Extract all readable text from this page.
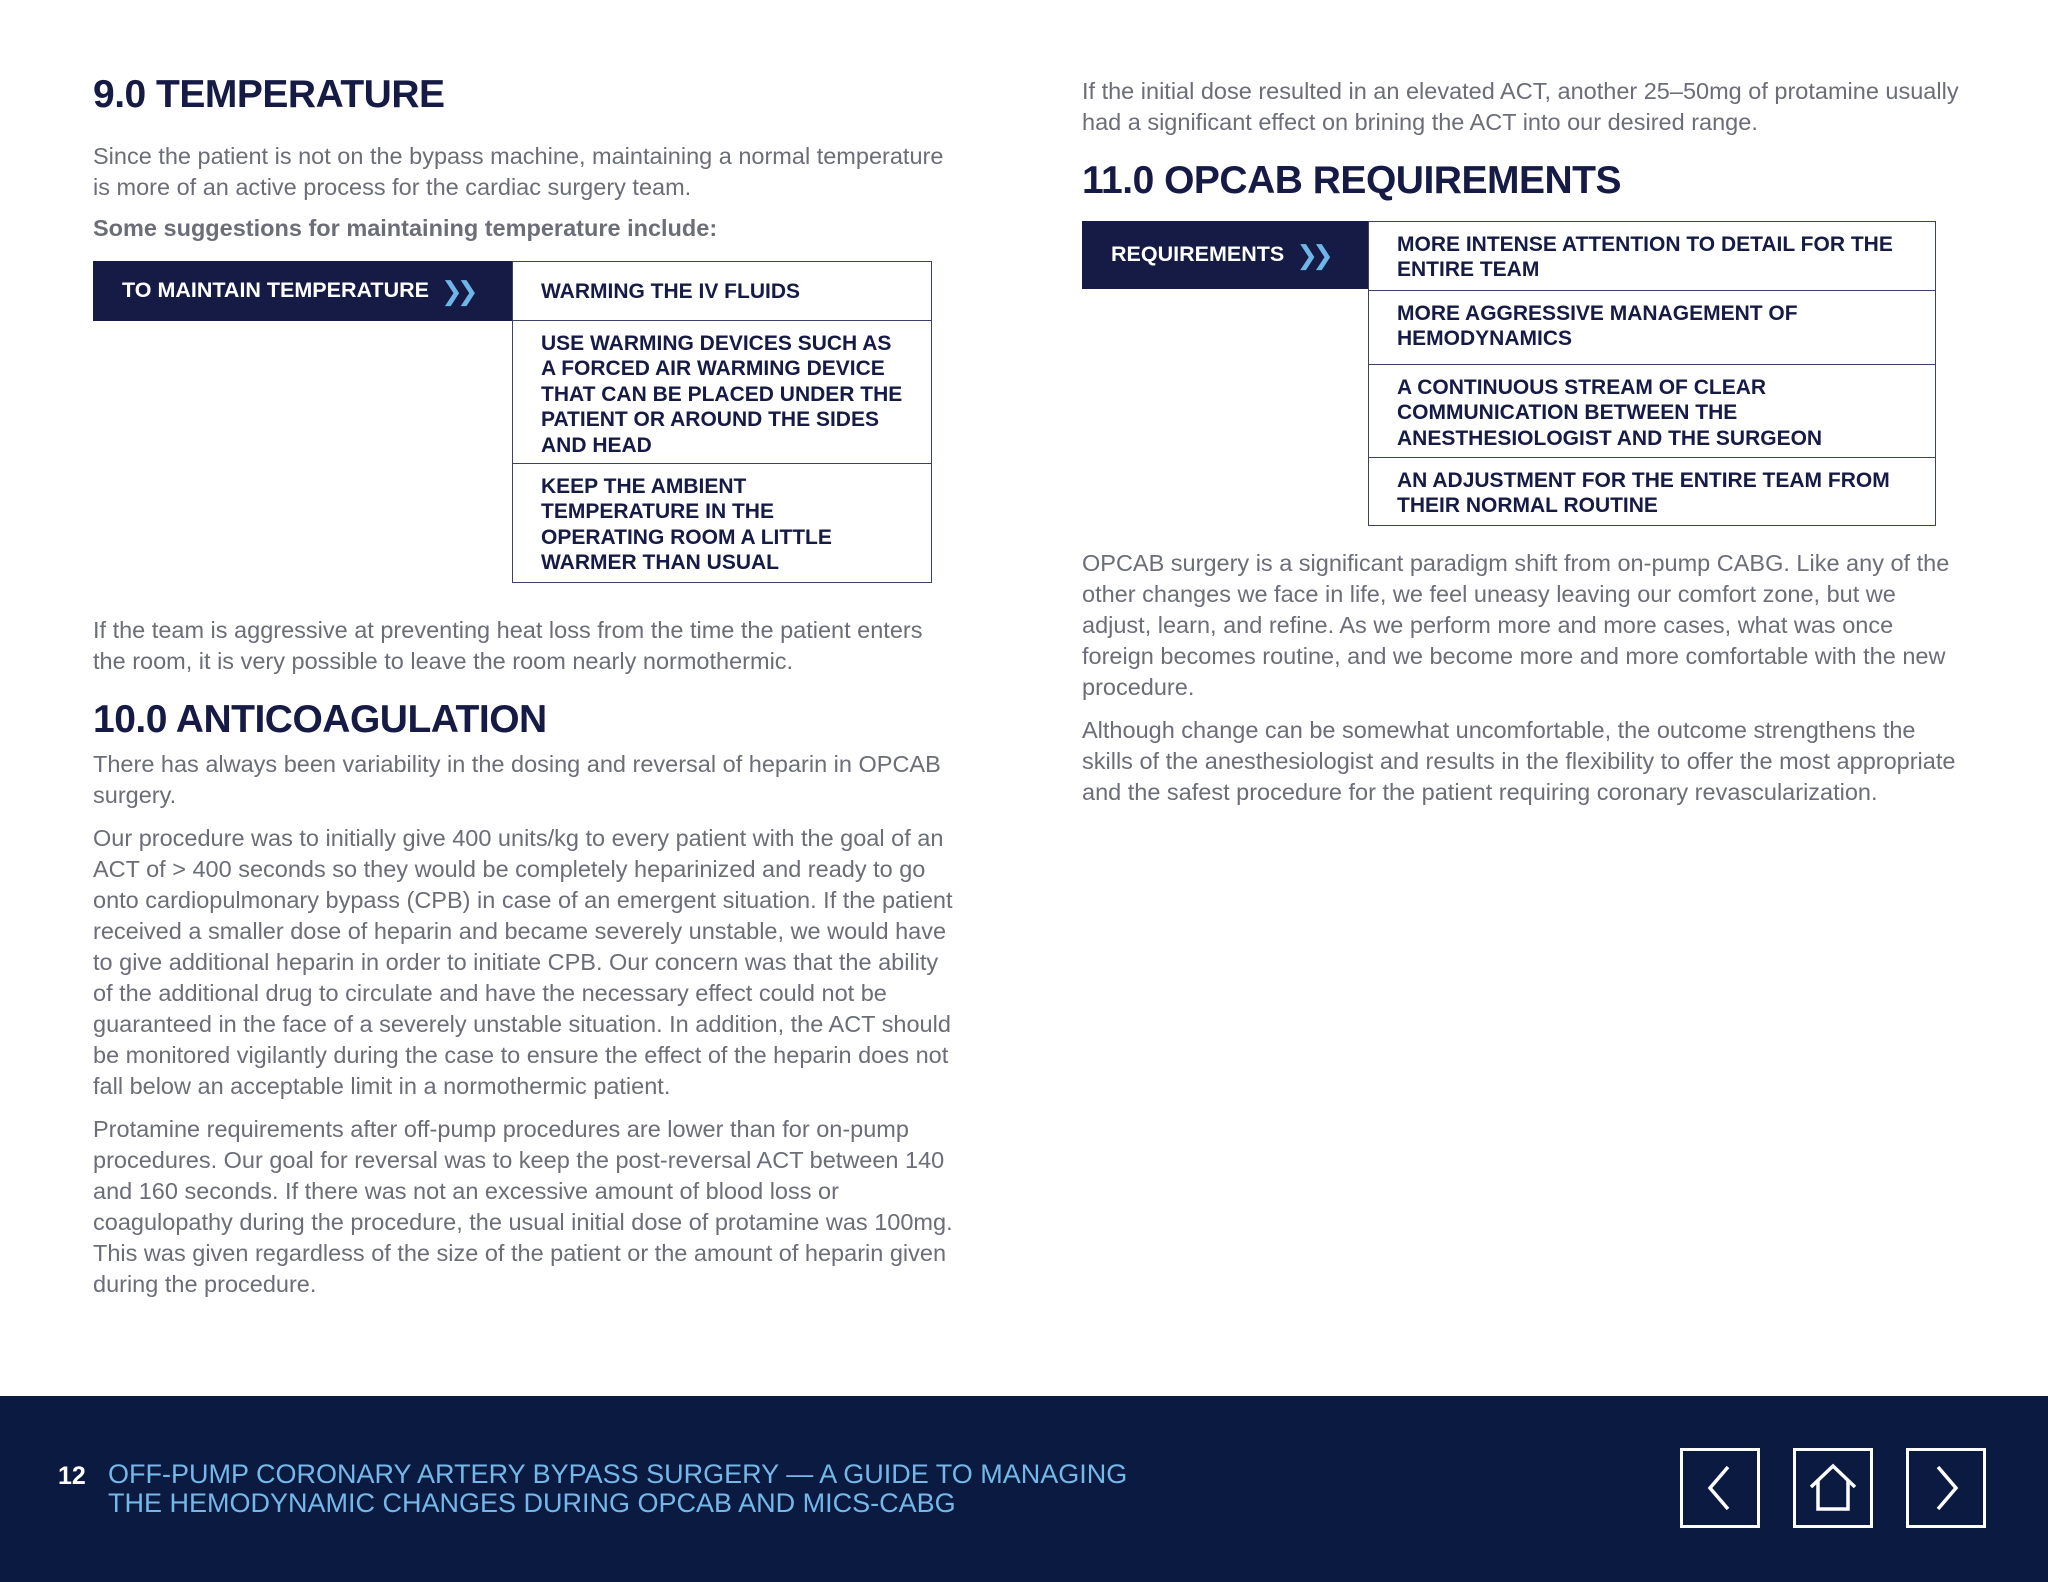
9.0 TEMPERATURE

Since the patient is not on the bypass machine, maintaining a normal temperature is more of an active process for the cardiac surgery team.

Some suggestions for maintaining temperature include:

TO MAINTAIN TEMPERATURE ❯❯	WARMING THE IV FLUIDS
USE WARMING DEVICES SUCH AS A FORCED AIR WARMING DEVICE THAT CAN BE PLACED UNDER THE PATIENT OR AROUND THE SIDES AND HEAD
KEEP THE AMBIENT TEMPERATURE IN THE OPERATING ROOM A LITTLE WARMER THAN USUAL

If the team is aggressive at preventing heat loss from the time the patient enters the room, it is very possible to leave the room nearly normothermic.

10.0 ANTICOAGULATION

There has always been variability in the dosing and reversal of heparin in OPCAB surgery.

Our procedure was to initially give 400 units/kg to every patient with the goal of an ACT of > 400 seconds so they would be completely heparinized and ready to go onto cardiopulmonary bypass (CPB) in case of an emergent situation. If the patient received a smaller dose of heparin and became severely unstable, we would have to give additional heparin in order to initiate CPB. Our concern was that the ability of the additional drug to circulate and have the necessary effect could not be guaranteed in the face of a severely unstable situation. In addition, the ACT should be monitored vigilantly during the case to ensure the effect of the heparin does not fall below an acceptable limit in a normothermic patient.

Protamine requirements after off-pump procedures are lower than for on-pump procedures. Our goal for reversal was to keep the post-reversal ACT between 140 and 160 seconds. If there was not an excessive amount of blood loss or coagulopathy during the procedure, the usual initial dose of protamine was 100mg. This was given regardless of the size of the patient or the amount of heparin given during the procedure.

If the initial dose resulted in an elevated ACT, another 25–50mg of protamine usually had a significant effect on brining the ACT into our desired range.

11.0 OPCAB REQUIREMENTS
REQUIREMENTS ❯❯	MORE INTENSE ATTENTION TO DETAIL FOR THE ENTIRE TEAM
MORE AGGRESSIVE MANAGEMENT OF HEMODYNAMICS
A CONTINUOUS STREAM OF CLEAR COMMUNICATION BETWEEN THE ANESTHESIOLOGIST AND THE SURGEON
AN ADJUSTMENT FOR THE ENTIRE TEAM FROM THEIR NORMAL ROUTINE

OPCAB surgery is a significant paradigm shift from on-pump CABG. Like any of the other changes we face in life, we feel uneasy leaving our comfort zone, but we adjust, learn, and refine. As we perform more and more cases, what was once foreign becomes routine, and we become more and more comfortable with the new procedure.

Although change can be somewhat uncomfortable, the outcome strengthens the skills of the anesthesiologist and results in the flexibility to offer the most appropriate and the safest procedure for the patient requiring coronary revascularization.

12 OFF-PUMP CORONARY ARTERY BYPASS SURGERY — A GUIDE TO MANAGING
THE HEMODYNAMIC CHANGES DURING OPCAB AND MICS-CABG
